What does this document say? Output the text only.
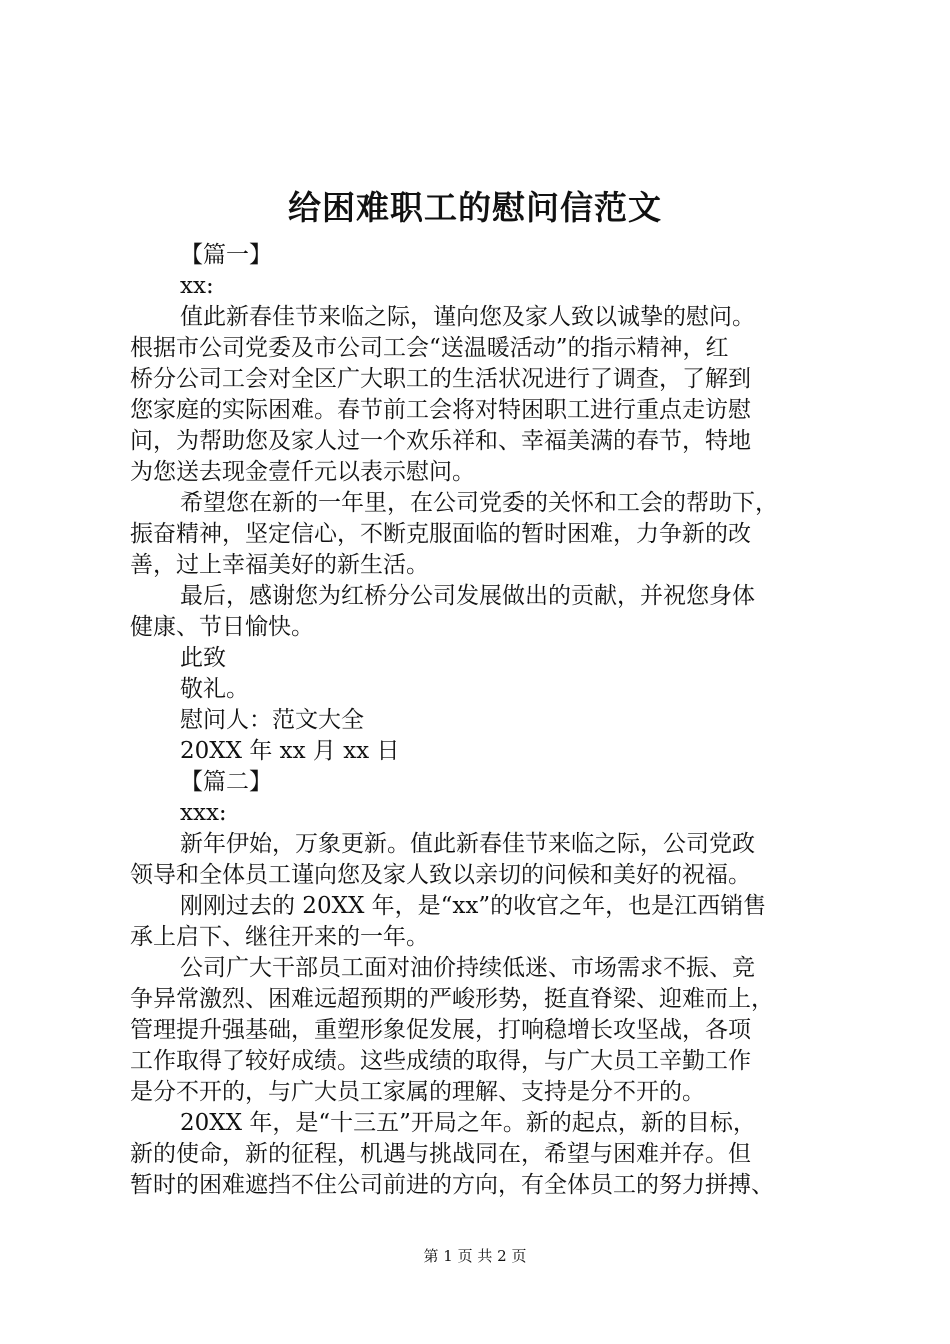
给困难职工的慰问信范文

【篇一】

xx:

值此新春佳节来临之际，谨向您及家人致以诚挚的慰问。

根据市公司党委及市公司工会“送温暖活动”的指示精神，红

桥分公司工会对全区广大职工的生活状况进行了调查，了解到

您家庭的实际困难。春节前工会将对特困职工进行重点走访慰

问，为帮助您及家人过一个欢乐祥和、幸福美满的春节，特地

为您送去现金壹仟元以表示慰问。

希望您在新的一年里，在公司党委的关怀和工会的帮助下，

振奋精神，坚定信心，不断克服面临的暂时困难，力争新的改

善，过上幸福美好的新生活。

最后，感谢您为红桥分公司发展做出的贡献，并祝您身体

健康、节日愉快。

此致

敬礼。

慰问人：范文大全

20XX 年 xx 月 xx 日

【篇二】

xxx:

新年伊始，万象更新。值此新春佳节来临之际，公司党政

领导和全体员工谨向您及家人致以亲切的问候和美好的祝福。

刚刚过去的 20XX 年，是“xx”的收官之年，也是江西销售

承上启下、继往开来的一年。

公司广大干部员工面对油价持续低迷、市场需求不振、竞

争异常激烈、困难远超预期的严峻形势，挺直脊梁、迎难而上，

管理提升强基础，重塑形象促发展，打响稳增长攻坚战，各项

工作取得了较好成绩。这些成绩的取得，与广大员工辛勤工作

是分不开的，与广大员工家属的理解、支持是分不开的。

20XX 年，是“十三五”开局之年。新的起点，新的目标，

新的使命，新的征程，机遇与挑战同在，希望与困难并存。但

暂时的困难遮挡不住公司前进的方向，有全体员工的努力拼搏、

第 1 页 共 2 页
